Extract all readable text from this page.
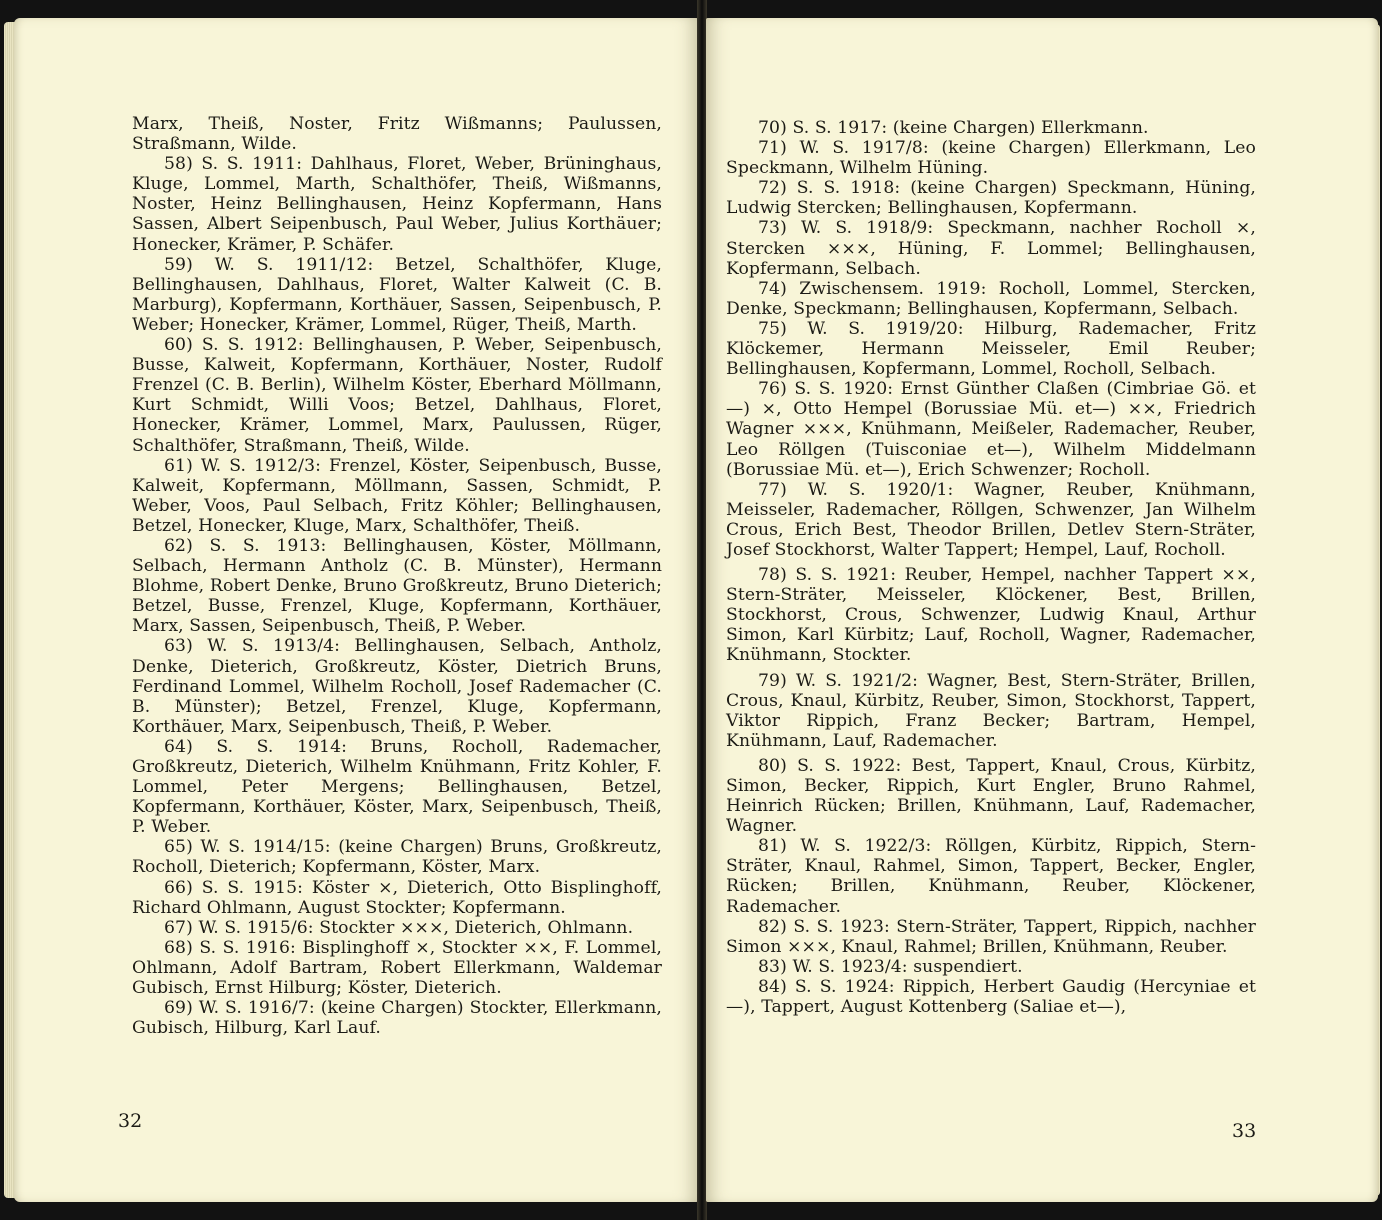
Marx, Theiß, Noster, Fritz Wißmanns; Paulussen, Straßmann, Wilde.

58) S. S. 1911: Dahlhaus, Floret, Weber, Brüninghaus, Kluge, Lommel, Marth, Schalthöfer, Theiß, Wißmanns, Noster, Heinz Bellinghausen, Heinz Kopfermann, Hans Sassen, Albert Seipenbusch, Paul Weber, Julius Korthäuer; Honecker, Krämer, P. Schäfer.

59) W. S. 1911/12: Betzel, Schalthöfer, Kluge, Bellinghausen, Dahlhaus, Floret, Walter Kalweit (C. B. Marburg), Kopfermann, Korthäuer, Sassen, Seipenbusch, P. Weber; Honecker, Krämer, Lommel, Rüger, Theiß, Marth.

60) S. S. 1912: Bellinghausen, P. Weber, Seipenbusch, Busse, Kalweit, Kopfermann, Korthäuer, Noster, Rudolf Frenzel (C. B. Berlin), Wilhelm Köster, Eberhard Möllmann, Kurt Schmidt, Willi Voos; Betzel, Dahlhaus, Floret, Honecker, Krämer, Lommel, Marx, Paulussen, Rüger, Schalthöfer, Straßmann, Theiß, Wilde.

61) W. S. 1912/3: Frenzel, Köster, Seipenbusch, Busse, Kalweit, Kopfermann, Möllmann, Sassen, Schmidt, P. Weber, Voos, Paul Selbach, Fritz Köhler; Bellinghausen, Betzel, Honecker, Kluge, Marx, Schalthöfer, Theiß.

62) S. S. 1913: Bellinghausen, Köster, Möllmann, Selbach, Hermann Antholz (C. B. Münster), Hermann Blohme, Robert Denke, Bruno Großkreutz, Bruno Dieterich; Betzel, Busse, Frenzel, Kluge, Kopfermann, Korthäuer, Marx, Sassen, Seipenbusch, Theiß, P. Weber.

63) W. S. 1913/4: Bellinghausen, Selbach, Antholz, Denke, Dieterich, Großkreutz, Köster, Dietrich Bruns, Ferdinand Lommel, Wilhelm Rocholl, Josef Rademacher (C. B. Münster); Betzel, Frenzel, Kluge, Kopfermann, Korthäuer, Marx, Seipenbusch, Theiß, P. Weber.

64) S. S. 1914: Bruns, Rocholl, Rademacher, Großkreutz, Dieterich, Wilhelm Knühmann, Fritz Kohler, F. Lommel, Peter Mergens; Bellinghausen, Betzel, Kopfermann, Korthäuer, Köster, Marx, Seipenbusch, Theiß, P. Weber.

65) W. S. 1914/15: (keine Chargen) Bruns, Großkreutz, Rocholl, Dieterich; Kopfermann, Köster, Marx.

66) S. S. 1915: Köster ×, Dieterich, Otto Bisplinghoff, Richard Ohlmann, August Stockter; Kopfermann.

67) W. S. 1915/6: Stockter ×××, Dieterich, Ohlmann.

68) S. S. 1916: Bisplinghoff ×, Stockter ××, F. Lommel, Ohlmann, Adolf Bartram, Robert Ellerkmann, Waldemar Gubisch, Ernst Hilburg; Köster, Dieterich.

69) W. S. 1916/7: (keine Chargen) Stockter, Ellerkmann, Gubisch, Hilburg, Karl Lauf.

32

70) S. S. 1917: (keine Chargen) Ellerkmann.

71) W. S. 1917/8: (keine Chargen) Ellerkmann, Leo Speckmann, Wilhelm Hüning.

72) S. S. 1918: (keine Chargen) Speckmann, Hüning, Ludwig Stercken; Bellinghausen, Kopfermann.

73) W. S. 1918/9: Speckmann, nachher Rocholl ×, Stercken ×××, Hüning, F. Lommel; Bellinghausen, Kopfermann, Selbach.

74) Zwischensem. 1919: Rocholl, Lommel, Stercken, Denke, Speckmann; Bellinghausen, Kopfermann, Selbach.

75) W. S. 1919/20: Hilburg, Rademacher, Fritz Klöckemer, Hermann Meisseler, Emil Reuber; Bellinghausen, Kopfermann, Lommel, Rocholl, Selbach.

76) S. S. 1920: Ernst Günther Claßen (Cimbriae Gö. et—) ×, Otto Hempel (Borussiae Mü. et—) ××, Friedrich Wagner ×××, Knühmann, Meißeler, Rademacher, Reuber, Leo Röllgen (Tuisconiae et—), Wilhelm Middelmann (Borussiae Mü. et—), Erich Schwenzer; Rocholl.

77) W. S. 1920/1: Wagner, Reuber, Knühmann, Meisseler, Rademacher, Röllgen, Schwenzer, Jan Wilhelm Crous, Erich Best, Theodor Brillen, Detlev Stern-Sträter, Josef Stockhorst, Walter Tappert; Hempel, Lauf, Rocholl.

78) S. S. 1921: Reuber, Hempel, nachher Tappert ××, Stern-Sträter, Meisseler, Klöckener, Best, Brillen, Stockhorst, Crous, Schwenzer, Ludwig Knaul, Arthur Simon, Karl Kürbitz; Lauf, Rocholl, Wagner, Rademacher, Knühmann, Stockter.

79) W. S. 1921/2: Wagner, Best, Stern-Sträter, Brillen, Crous, Knaul, Kürbitz, Reuber, Simon, Stockhorst, Tappert, Viktor Rippich, Franz Becker; Bartram, Hempel, Knühmann, Lauf, Rademacher.

80) S. S. 1922: Best, Tappert, Knaul, Crous, Kürbitz, Simon, Becker, Rippich, Kurt Engler, Bruno Rahmel, Heinrich Rücken; Brillen, Knühmann, Lauf, Rademacher, Wagner.

81) W. S. 1922/3: Röllgen, Kürbitz, Rippich, Stern-Sträter, Knaul, Rahmel, Simon, Tappert, Becker, Engler, Rücken; Brillen, Knühmann, Reuber, Klöckener, Rademacher.

82) S. S. 1923: Stern-Sträter, Tappert, Rippich, nachher Simon ×××, Knaul, Rahmel; Brillen, Knühmann, Reuber.

83) W. S. 1923/4: suspendiert.

84) S. S. 1924: Rippich, Herbert Gaudig (Hercyniae et—), Tappert, August Kottenberg (Saliae et—),

33
